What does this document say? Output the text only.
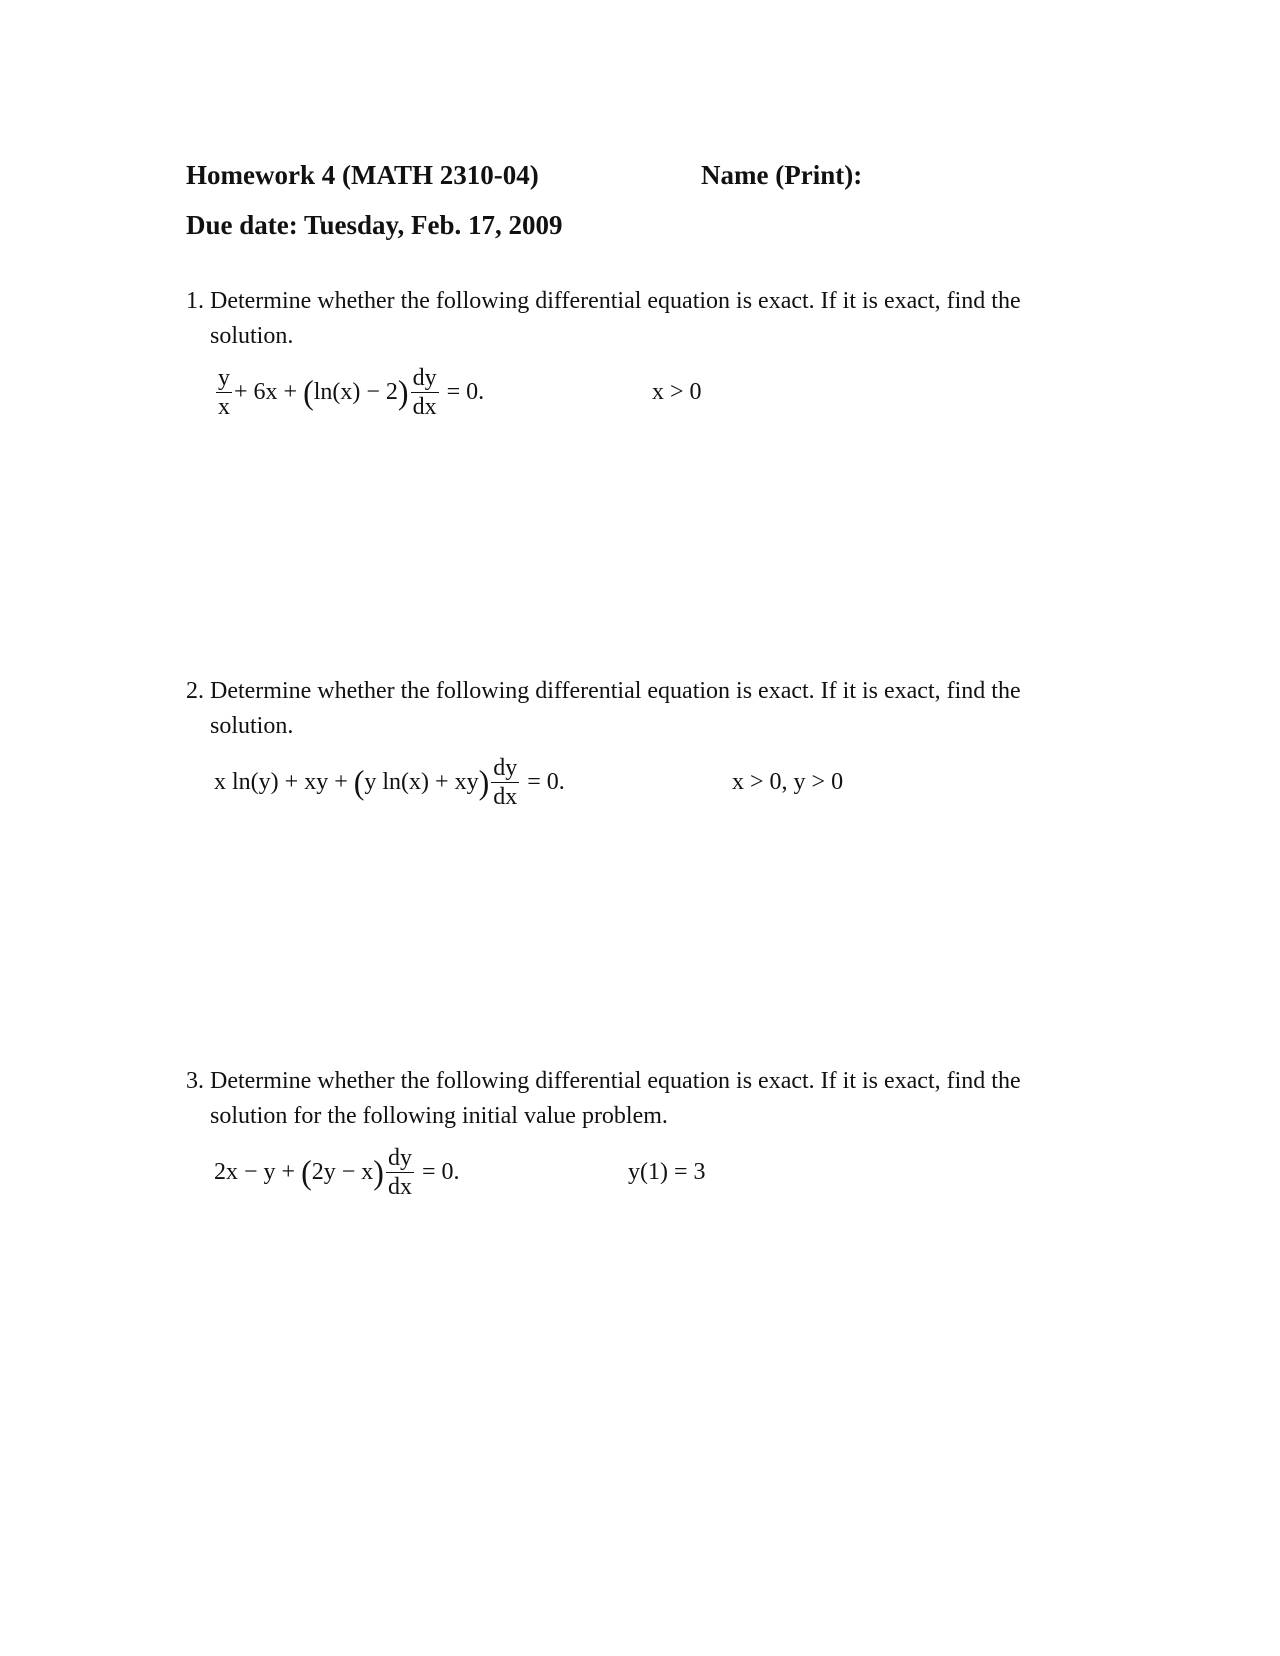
Homework 4 (MATH 2310-04)	Name (Print):
Due date: Tuesday, Feb. 17, 2009

1. Determine whether the following differential equation is exact. If it is exact, find the
solution.

$\frac{y}{x} + 6x$ + ( ln(x) − 2 ) $\frac{dy}{dx} = 0$.	x > 0

2. Determine whether the following differential equation is exact. If it is exact, find the
solution.

x ln(y) + xy + ( y ln(x) + xy ) $\frac{dy}{dx} = 0$.	x > 0, y > 0

3. Determine whether the following differential equation is exact. If it is exact, find the
solution for the following initial value problem.

2x − y + ( 2y − x ) $\frac{dy}{dx} = 0$.	y(1) = 3
